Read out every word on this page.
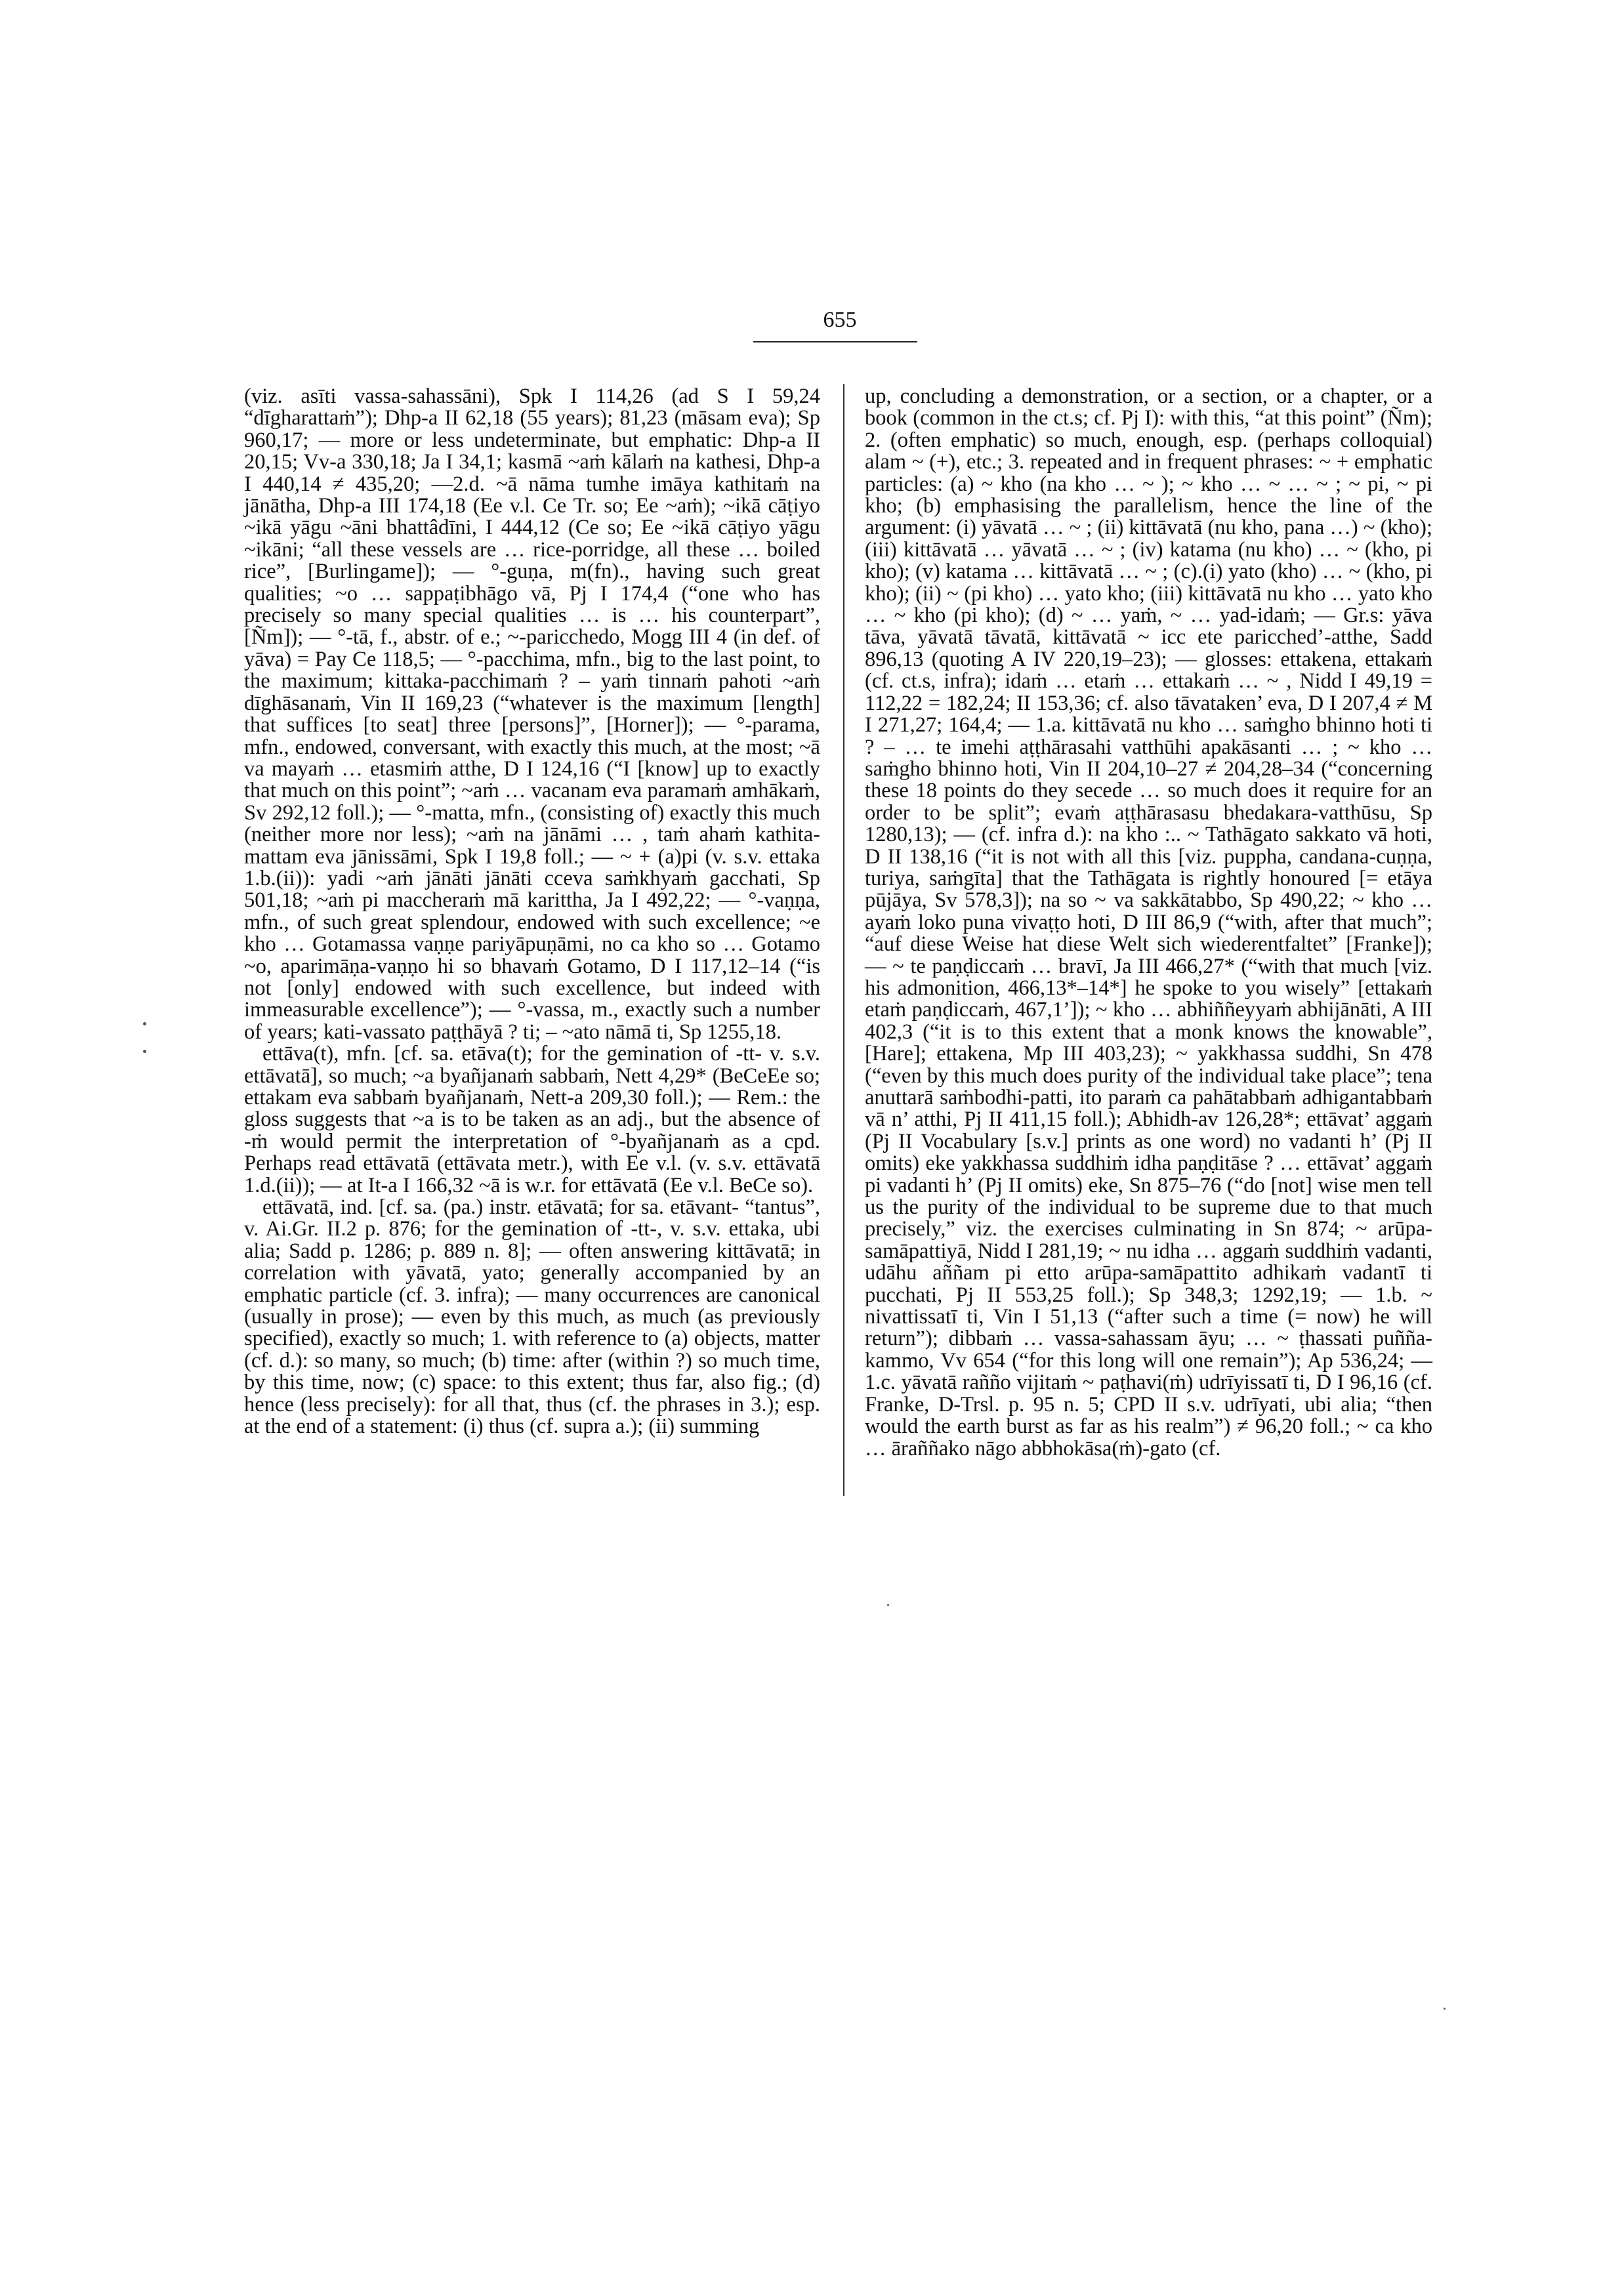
655

(viz. asīti vassa-sahassāni), Spk I 114,26 (ad S I 59,24 “dīgharattaṁ”); Dhp-a II 62,18 (55 years); 81,23 (māsam eva); Sp 960,17; — more or less undeterminate, but emphatic: Dhp-a II 20,15; Vv-a 330,18; Ja I 34,1; kasmā ~aṁ kālaṁ na kathesi, Dhp-a I 440,14 ≠ 435,20; —2.d. ~ā nāma tumhe imāya kathitaṁ na jānātha, Dhp-a III 174,18 (Ee v.l. Ce Tr. so; Ee ~aṁ); ~ikā cāṭiyo ~ikā yāgu ~āni bhattâdīni, I 444,12 (Ce so; Ee ~ikā cāṭiyo yāgu ~ikāni; “all these vessels are … rice-porridge, all these … boiled rice”, [Burlingame]); — °-guṇa, m(fn)., having such great qualities; ~o … sappaṭibhāgo vā, Pj I 174,4 (“one who has precisely so many special qualities … is … his counterpart”, [Ñm]); — °-tā, f., abstr. of e.; ~-paricchedo, Mogg III 4 (in def. of yāva) = Pay Ce 118,5; — °-pacchima, mfn., big to the last point, to the maximum; kittaka-pacchimaṁ ? – yaṁ tinnaṁ pahoti ~aṁ dīghāsanaṁ, Vin II 169,23 (“whatever is the maximum [length] that suffices [to seat] three [persons]”, [Horner]); — °-parama, mfn., endowed, conversant, with exactly this much, at the most; ~ā va mayaṁ … etasmiṁ atthe, D I 124,16 (“I [know] up to exactly that much on this point”; ~aṁ … vacanam eva paramaṁ amhākaṁ, Sv 292,12 foll.); — °-matta, mfn., (consisting of) exactly this much (neither more nor less); ~aṁ na jānāmi … , taṁ ahaṁ kathita-mattam eva jānissāmi, Spk I 19,8 foll.; — ~ + (a)pi (v. s.v. ettaka 1.b.(ii)): yadi ~aṁ jānāti jānāti cceva saṁkhyaṁ gacchati, Sp 501,18; ~aṁ pi maccheraṁ mā karittha, Ja I 492,22; — °-vaṇṇa, mfn., of such great splendour, endowed with such excellence; ~e kho … Gotamassa vaṇṇe pariyāpuṇāmi, no ca kho so … Gotamo ~o, aparimāṇa-vaṇṇo hi so bhavaṁ Gotamo, D I 117,12–14 (“is not [only] endowed with such excellence, but indeed with immeasurable excellence”); — °-vassa, m., exactly such a number of years; kati-vassato paṭṭhāyā ? ti; – ~ato nāmā ti, Sp 1255,18.

ettāva(t), mfn. [cf. sa. etāva(t); for the gemination of -tt- v. s.v. ettāvatā], so much; ~a byañjanaṁ sabbaṁ, Nett 4,29* (BeCeEe so; ettakam eva sabbaṁ byañjanaṁ, Nett-a 209,30 foll.); — Rem.: the gloss suggests that ~a is to be taken as an adj., but the absence of -ṁ would permit the interpretation of °-byañjanaṁ as a cpd. Perhaps read ettāvatā (ettāvata metr.), with Ee v.l. (v. s.v. ettāvatā 1.d.(ii)); — at It-a I 166,32 ~ā is w.r. for ettāvatā (Ee v.l. BeCe so).

ettāvatā, ind. [cf. sa. (pa.) instr. etāvatā; for sa. etāvant- “tantus”, v. Ai.Gr. II.2 p. 876; for the gemination of -tt-, v. s.v. ettaka, ubi alia; Sadd p. 1286; p. 889 n. 8]; — often answering kittāvatā; in correlation with yāvatā, yato; generally accompanied by an emphatic particle (cf. 3. infra); — many occurrences are canonical (usually in prose); — even by this much, as much (as previously specified), exactly so much; 1. with reference to (a) objects, matter (cf. d.): so many, so much; (b) time: after (within ?) so much time, by this time, now; (c) space: to this extent; thus far, also fig.; (d) hence (less precisely): for all that, thus (cf. the phrases in 3.); esp. at the end of a statement: (i) thus (cf. supra a.); (ii) summing

up, concluding a demonstration, or a section, or a chapter, or a book (common in the ct.s; cf. Pj I): with this, “at this point” (Ñm); 2. (often emphatic) so much, enough, esp. (perhaps colloquial) alam ~ (+), etc.; 3. repeated and in frequent phrases: ~ + emphatic particles: (a) ~ kho (na kho … ~ ); ~ kho … ~ … ~ ; ~ pi, ~ pi kho; (b) emphasising the parallelism, hence the line of the argument: (i) yāvatā … ~ ; (ii) kittāvatā (nu kho, pana …) ~ (kho); (iii) kittāvatā … yāvatā … ~ ; (iv) katama (nu kho) … ~ (kho, pi kho); (v) katama … kittāvatā … ~ ; (c).(i) yato (kho) … ~ (kho, pi kho); (ii) ~ (pi kho) … yato kho; (iii) kittāvatā nu kho … yato kho … ~ kho (pi kho); (d) ~ … yaṁ, ~ … yad-idaṁ; — Gr.s: yāva tāva, yāvatā tāvatā, kittāvatā ~ icc ete paricched’-atthe, Sadd 896,13 (quoting A IV 220,19–23); — glosses: ettakena, ettakaṁ (cf. ct.s, infra); idaṁ … etaṁ … ettakaṁ … ~ , Nidd I 49,19 = 112,22 = 182,24; II 153,36; cf. also tāvataken’ eva, D I 207,4 ≠ M I 271,27; 164,4; — 1.a. kittāvatā nu kho … saṁgho bhinno hoti ti ? – … te imehi aṭṭhārasahi vatthūhi apakāsanti … ; ~ kho … saṁgho bhinno hoti, Vin II 204,10–27 ≠ 204,28–34 (“concerning these 18 points do they secede … so much does it require for an order to be split”; evaṁ aṭṭhārasasu bhedakara-vatthūsu, Sp 1280,13); — (cf. infra d.): na kho :.. ~ Tathāgato sakkato vā hoti, D II 138,16 (“it is not with all this [viz. puppha, candana-cuṇṇa, turiya, saṁgīta] that the Tathāgata is rightly honoured [= etāya pūjāya, Sv 578,3]); na so ~ va sakkātabbo, Sp 490,22; ~ kho … ayaṁ loko puna vivaṭṭo hoti, D III 86,9 (“with, after that much”; “auf diese Weise hat diese Welt sich wiederentfaltet” [Franke]); — ~ te paṇḍiccaṁ … bravī, Ja III 466,27* (“with that much [viz. his admonition, 466,13*–14*] he spoke to you wisely” [ettakaṁ etaṁ paṇḍiccaṁ, 467,1’]); ~ kho … abhiññeyyaṁ abhijānāti, A III 402,3 (“it is to this extent that a monk knows the knowable”, [Hare]; ettakena, Mp III 403,23); ~ yakkhassa suddhi, Sn 478 (“even by this much does purity of the individual take place”; tena anuttarā saṁbodhi-patti, ito paraṁ ca pahātabbaṁ adhigantabbaṁ vā n’ atthi, Pj II 411,15 foll.); Abhidh-av 126,28*; ettāvat’ aggaṁ (Pj II Vocabulary [s.v.] prints as one word) no vadanti h’ (Pj II omits) eke yakkhassa suddhiṁ idha paṇḍitāse ? … ettāvat’ aggaṁ pi vadanti h’ (Pj II omits) eke, Sn 875–76 (“do [not] wise men tell us the purity of the individual to be supreme due to that much precisely,” viz. the exercises culminating in Sn 874; ~ arūpa-samāpattiyā, Nidd I 281,19; ~ nu idha … aggaṁ suddhiṁ vadanti, udāhu aññam pi etto arūpa-samāpattito adhikaṁ vadantī ti pucchati, Pj II 553,25 foll.); Sp 348,3; 1292,19; — 1.b. ~ nivattissatī ti, Vin I 51,13 (“after such a time (= now) he will return”); dibbaṁ … vassa-sahassam āyu; … ~ ṭhassati puñña-kammo, Vv 654 (“for this long will one remain”); Ap 536,24; — 1.c. yāvatā rañño vijitaṁ ~ paṭhavi(ṁ) udrīyissatī ti, D I 96,16 (cf. Franke, D-Trsl. p. 95 n. 5; CPD II s.v. udrīyati, ubi alia; “then would the earth burst as far as his realm”) ≠ 96,20 foll.; ~ ca kho … āraññako nāgo abbhokāsa(ṁ)-gato (cf.
